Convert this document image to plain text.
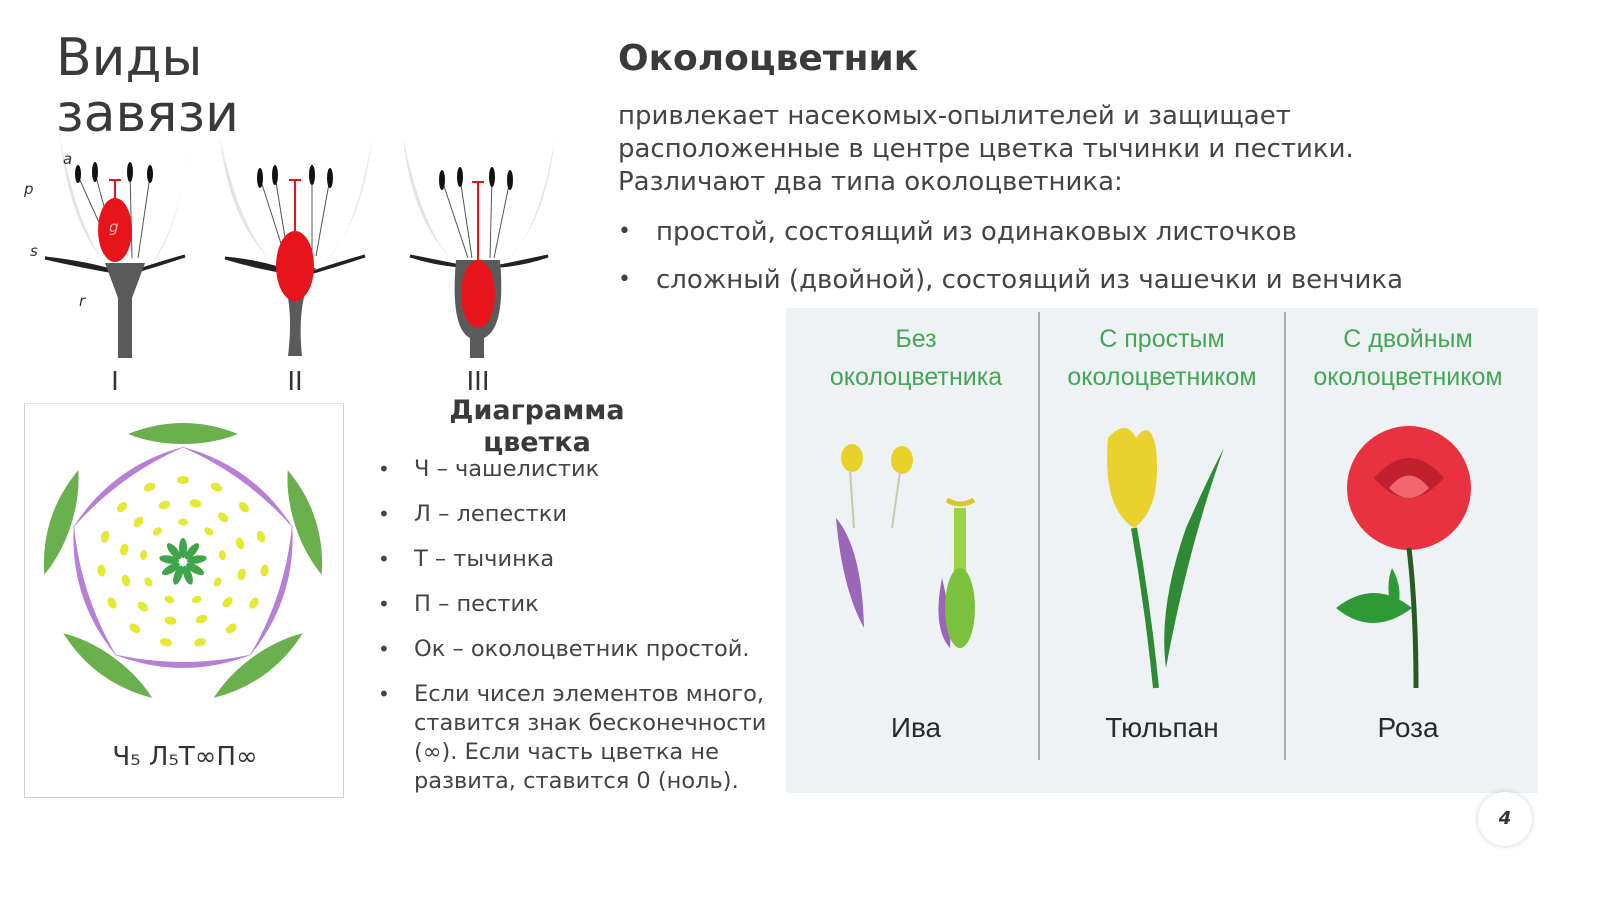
Виды
завязи
a
p
g
s
r
I	II	III
Околоцветник

привлекает насекомых-опылителей и защищает
расположенные в центре цветка тычинки и пестики.
Различают два типа околоцветника:

• простой, состоящий из одинаковых листочков
• сложный (двойной), состоящий из чашечки и венчика
Ч₅ Л₅Т∞П∞
Диаграмма
цветка
• Ч – чашелистик
• Л – лепестки
• Т – тычинка
• П – пестик
• Ок – околоцветник простой.
• Если чисел элементов много,
ставится знак бесконечности
(∞). Если часть цветка не
развита, ставится 0 (ноль).
Без
околоцветника
Ива
С простым
околоцветником
Тюльпан
С двойным
околоцветником
Роза
4
